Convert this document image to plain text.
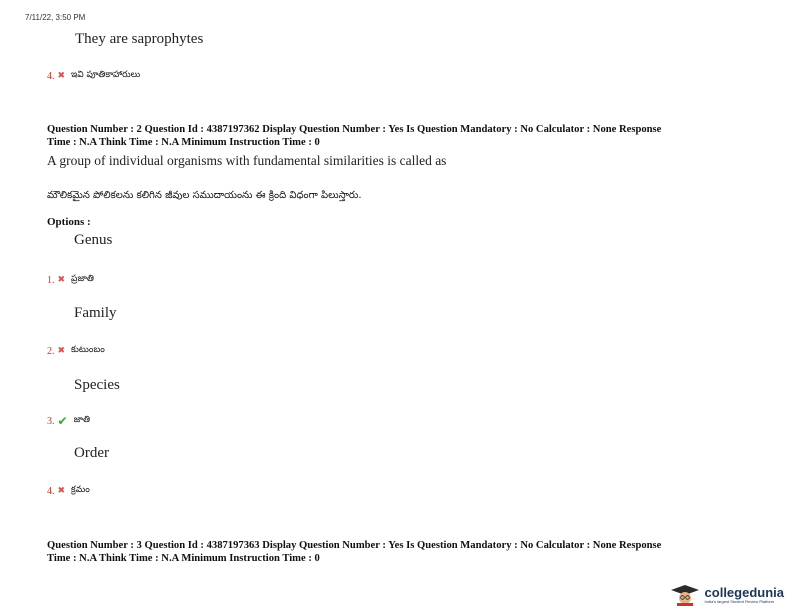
7/11/22, 3:50 PM
They are saprophytes
4. ✖ ఇవి పూతికాహారులు
Question Number : 2 Question Id : 4387197362 Display Question Number : Yes Is Question Mandatory : No Calculator : None Response
Time : N.A Think Time : N.A Minimum Instruction Time : 0
A group of individual organisms with fundamental similarities is called as
మౌలికమైన పోలికలను కలిగిన జీవుల సముదాయంను ఈ క్రింది విధంగా పిలుస్తారు.
Options :
Genus
1. ✖ ప్రజాతి
Family
2. ✖ కుటుంబం
Species
3. ✔ జాతి
Order
4. ✖ క్రమం
Question Number : 3 Question Id : 4387197363 Display Question Number : Yes Is Question Mandatory : No Calculator : None Response
Time : N.A Think Time : N.A Minimum Instruction Time : 0
collegedunia
India's largest Student Review Platform
